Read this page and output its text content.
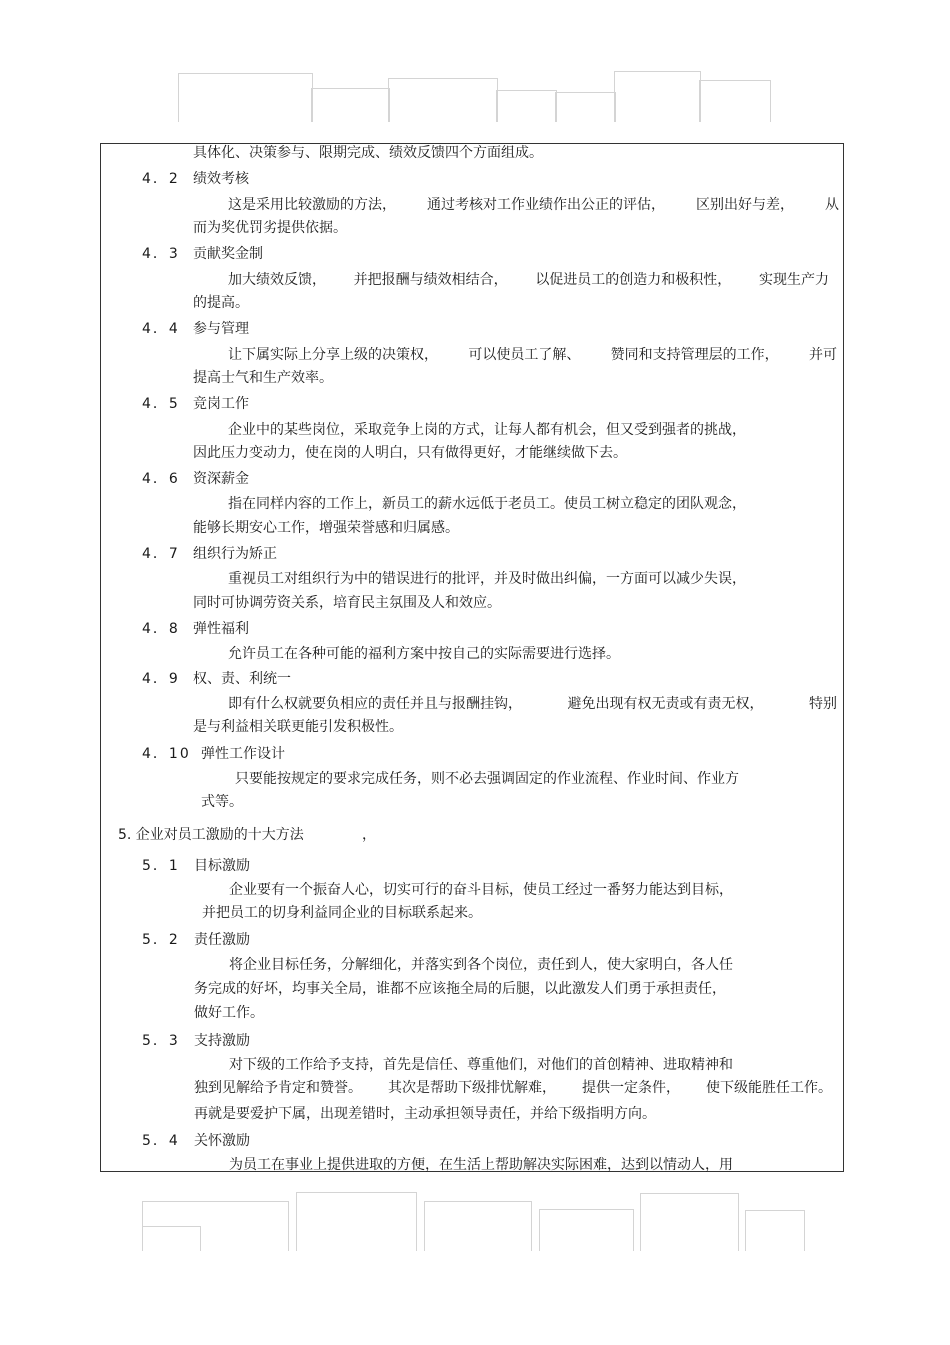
具体化、决策参与、限期完成、绩效反馈四个方面组成。
4．2 绩效考核
这是采用比较激励的方法， 通过考核对工作业绩作出公正的评估， 区别出好与差， 从
而为奖优罚劣提供依据。
4．3 贡献奖金制
加大绩效反馈， 并把报酬与绩效相结合， 以促进员工的创造力和极积性， 实现生产力
的提高。
4．4 参与管理
让下属实际上分享上级的决策权， 可以使员工了解、 赞同和支持管理层的工作， 并可
提高士气和生产效率。
4．5 竞岗工作
企业中的某些岗位，采取竞争上岗的方式，让每人都有机会，但又受到强者的挑战，
因此压力变动力，使在岗的人明白，只有做得更好，才能继续做下去。
4．6 资深薪金
指在同样内容的工作上，新员工的薪水远低于老员工。使员工树立稳定的团队观念，
能够长期安心工作，增强荣誉感和归属感。
4．7 组织行为矫正
重视员工对组织行为中的错误进行的批评，并及时做出纠偏，一方面可以减少失误，
同时可协调劳资关系，培育民主氛围及人和效应。
4．8 弹性福利
允许员工在各种可能的福利方案中按自己的实际需要进行选择。
4．9 权、责、利统一
即有什么权就要负相应的责任并且与报酬挂钩，	避免出现有权无责或有责无权，	特别
是与利益相关联更能引发积极性。
4．10 弹性工作设计
只要能按规定的要求完成任务，则不必去强调固定的作业流程、作业时间、作业方
式等。
5. 企业对员工激励的十大方法	，
5．1 目标激励
企业要有一个振奋人心，切实可行的奋斗目标，使员工经过一番努力能达到目标，
并把员工的切身利益同企业的目标联系起来。
5．2 责任激励
将企业目标任务，分解细化，并落实到各个岗位，责任到人，使大家明白，各人任
务完成的好坏，均事关全局，谁都不应该拖全局的后腿，以此激发人们勇于承担责任，
做好工作。
5．3 支持激励
对下级的工作给予支持，首先是信任、尊重他们，对他们的首创精神、进取精神和
独到见解给予肯定和赞誉。 其次是帮助下级排忧解难， 提供一定条件， 使下级能胜任工作。
再就是要爱护下属，出现差错时，主动承担领导责任，并给下级指明方向。
5．4 关怀激励
为员工在事业上提供进取的方便，在生活上帮助解决实际困难，达到以情动人，用
